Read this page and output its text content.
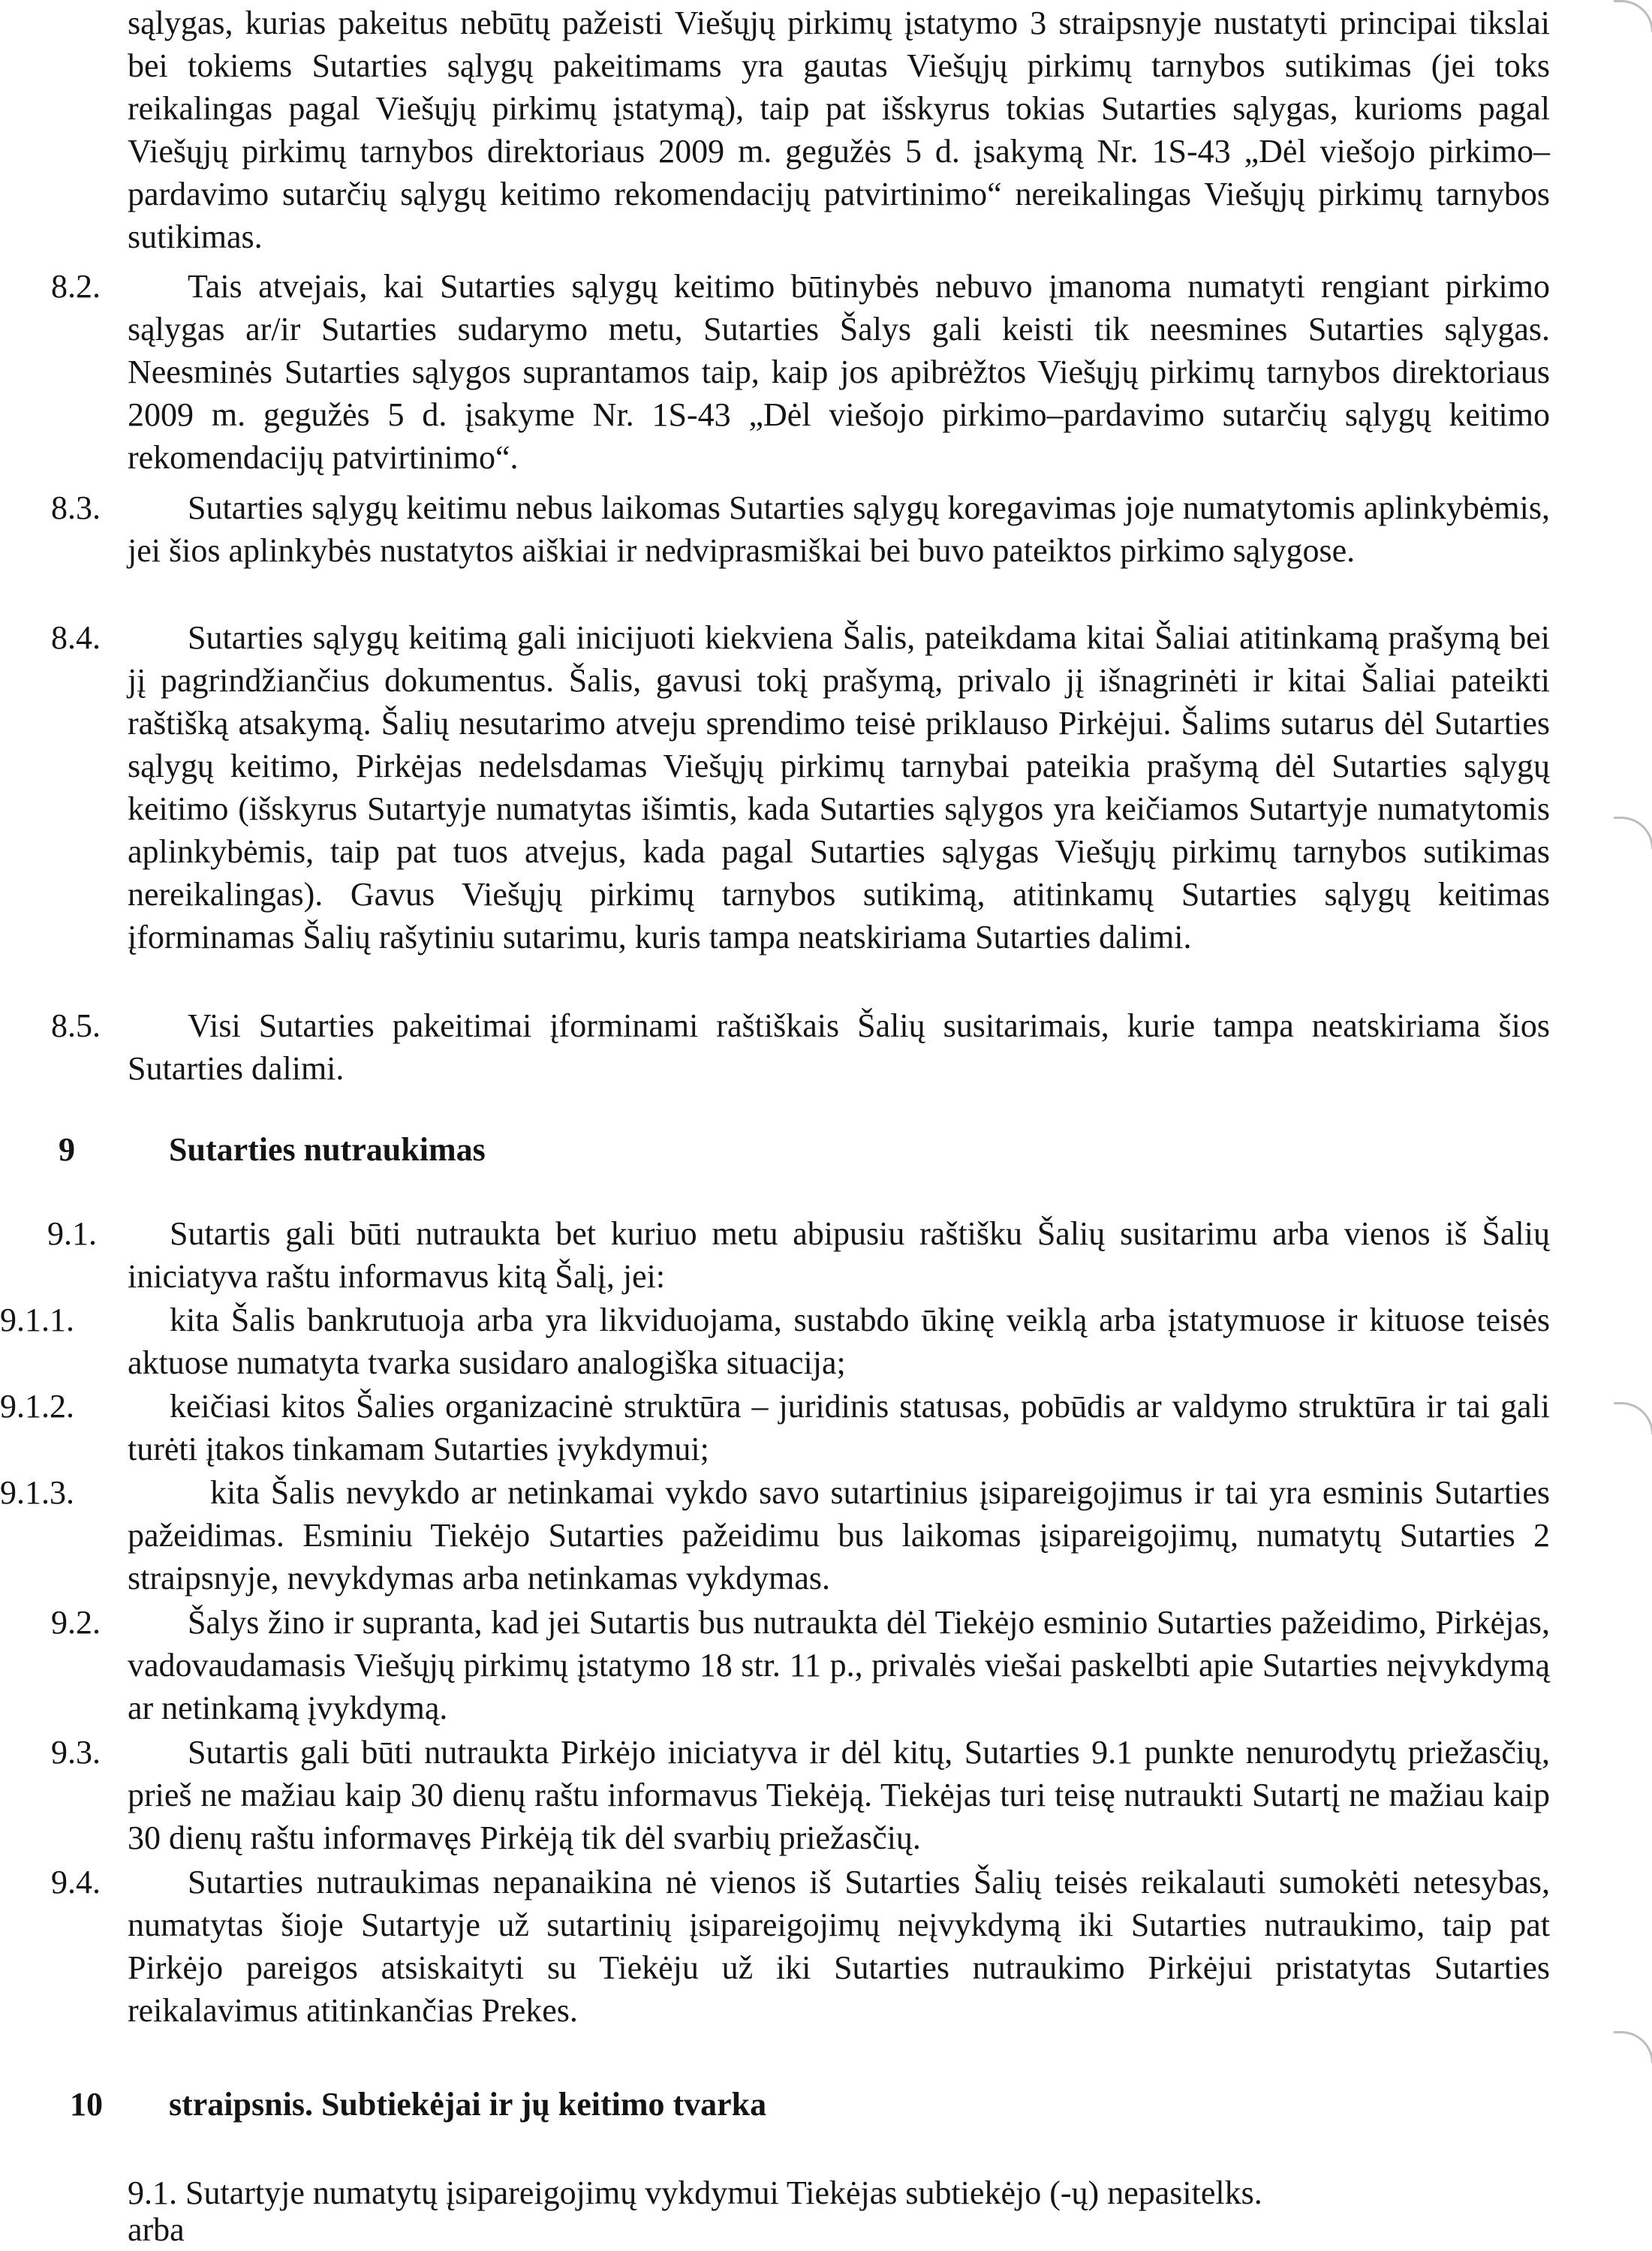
sąlygas, kurias pakeitus nebūtų pažeisti Viešųjų pirkimų įstatymo 3 straipsnyje nustatyti principai tikslai bei tokiems Sutarties sąlygų pakeitimams yra gautas Viešųjų pirkimų tarnybos sutikimas (jei toks reikalingas pagal Viešųjų pirkimų įstatymą), taip pat išskyrus tokias Sutarties sąlygas, kurioms pagal Viešųjų pirkimų tarnybos direktoriaus 2009 m. gegužės 5 d. įsakymą Nr. 1S-43 „Dėl viešojo pirkimo–pardavimo sutarčių sąlygų keitimo rekomendacijų patvirtinimo“ nereikalingas Viešųjų pirkimų tarnybos sutikimas.

8.2.	Tais atvejais, kai Sutarties sąlygų keitimo būtinybės nebuvo įmanoma numatyti rengiant pirkimo sąlygas ar/ir Sutarties sudarymo metu, Sutarties Šalys gali keisti tik neesmines Sutarties sąlygas. Neesminės Sutarties sąlygos suprantamos taip, kaip jos apibrėžtos Viešųjų pirkimų tarnybos direktoriaus 2009 m. gegužės 5 d. įsakyme Nr. 1S-43 „Dėl viešojo pirkimo–pardavimo sutarčių sąlygų keitimo rekomendacijų patvirtinimo“.

8.3.	Sutarties sąlygų keitimu nebus laikomas Sutarties sąlygų koregavimas joje numatytomis aplinkybėmis, jei šios aplinkybės nustatytos aiškiai ir nedviprasmiškai bei buvo pateiktos pirkimo sąlygose.

8.4.	Sutarties sąlygų keitimą gali inicijuoti kiekviena Šalis, pateikdama kitai Šaliai atitinkamą prašymą bei jį pagrindžiančius dokumentus. Šalis, gavusi tokį prašymą, privalo jį išnagrinėti ir kitai Šaliai pateikti raštišką atsakymą. Šalių nesutarimo atveju sprendimo teisė priklauso Pirkėjui. Šalims sutarus dėl Sutarties sąlygų keitimo, Pirkėjas nedelsdamas Viešųjų pirkimų tarnybai pateikia prašymą dėl Sutarties sąlygų keitimo (išskyrus Sutartyje numatytas išimtis, kada Sutarties sąlygos yra keičiamos Sutartyje numatytomis aplinkybėmis, taip pat tuos atvejus, kada pagal Sutarties sąlygas Viešųjų pirkimų tarnybos sutikimas nereikalingas). Gavus Viešųjų pirkimų tarnybos sutikimą, atitinkamų Sutarties sąlygų keitimas įforminamas Šalių rašytiniu sutarimu, kuris tampa neatskiriama Sutarties dalimi.

8.5.	Visi Sutarties pakeitimai įforminami raštiškais Šalių susitarimais, kurie tampa neatskiriama šios Sutarties dalimi.

9	Sutarties nutraukimas

9.1. Sutartis gali būti nutraukta bet kuriuo metu abipusiu raštišku Šalių susitarimu arba vienos iš Šalių iniciatyva raštu informavus kitą Šalį, jei:

9.1.1.	kita Šalis bankrutuoja arba yra likviduojama, sustabdo ūkinę veiklą arba įstatymuose ir kituose teisės aktuose numatyta tvarka susidaro analogiška situacija;

9.1.2.	keičiasi kitos Šalies organizacinė struktūra – juridinis statusas, pobūdis ar valdymo struktūra ir tai gali turėti įtakos tinkamam Sutarties įvykdymui;

9.1.3.	kita Šalis nevykdo ar netinkamai vykdo savo sutartinius įsipareigojimus ir tai yra esminis Sutarties pažeidimas. Esminiu Tiekėjo Sutarties pažeidimu bus laikomas įsipareigojimų, numatytų Sutarties 2 straipsnyje, nevykdymas arba netinkamas vykdymas.

9.2.	Šalys žino ir supranta, kad jei Sutartis bus nutraukta dėl Tiekėjo esminio Sutarties pažeidimo, Pirkėjas, vadovaudamasis Viešųjų pirkimų įstatymo 18 str. 11 p., privalės viešai paskelbti apie Sutarties neįvykdymą ar netinkamą įvykdymą.

9.3.	Sutartis gali būti nutraukta Pirkėjo iniciatyva ir dėl kitų, Sutarties 9.1 punkte nenurodytų priežasčių, prieš ne mažiau kaip 30 dienų raštu informavus Tiekėją. Tiekėjas turi teisę nutraukti Sutartį ne mažiau kaip 30 dienų raštu informavęs Pirkėją tik dėl svarbių priežasčių.

9.4.	Sutarties nutraukimas nepanaikina nė vienos iš Sutarties Šalių teisės reikalauti sumokėti netesybas, numatytas šioje Sutartyje už sutartinių įsipareigojimų neįvykdymą iki Sutarties nutraukimo, taip pat Pirkėjo pareigos atsiskaityti su Tiekėju už iki Sutarties nutraukimo Pirkėjui pristatytas Sutarties reikalavimus atitinkančias Prekes.

10 straipsnis. Subtiekėjai ir jų keitimo tvarka

9.1. Sutartyje numatytų įsipareigojimų vykdymui Tiekėjas subtiekėjo (-ų) nepasitelks.

arba
